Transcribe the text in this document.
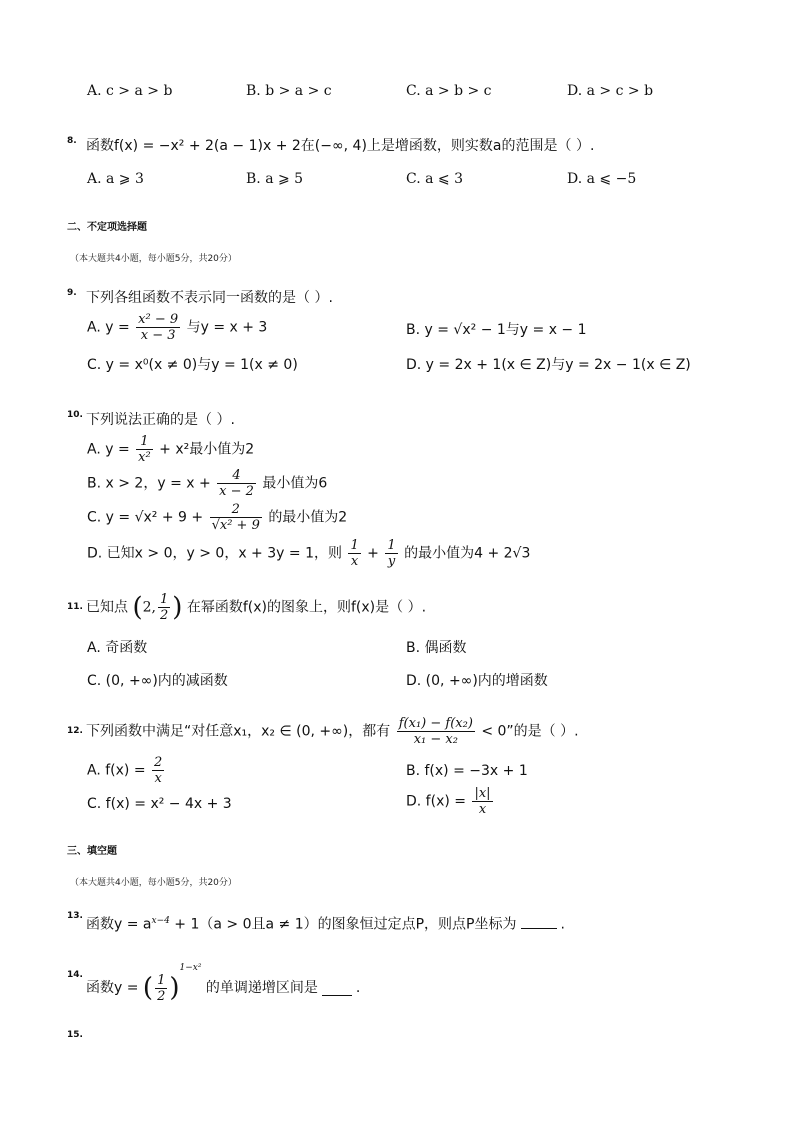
A. c > a > b	B. b > a > c	C. a > b > c	D. a > c > b
8. 函数f(x) = −x² + 2(a − 1)x + 2在(−∞, 4)上是增函数，则实数a的范围是（ ）.
A. a ⩾ 3	B. a ⩾ 5	C. a ⩽ 3	D. a ⩽ −5
二、不定项选择题
（本大题共4小题，每小题5分，共20分）
9. 下列各组函数不表示同一函数的是（ ）.
A. $y = \frac{\text{x² − 9}}{x - 3}$ 与y = x + 3	B. y = √x² − 1与y = x − 1
C. y = x⁰(x ≠ 0)与y = 1(x ≠ 0)	D. y = 2x + 1(x ∈ Z)与y = 2x − 1(x ∈ Z)
10. 下列说法正确的是（ ）.
A. $y = \frac{1}{\text{x²}} + x^2$最小值为2
B. x > 2，$y = x + \frac{4}{x - 2}$ 最小值为6
C. $y = √x^2 + 9 + \frac{2}{\text{√x² + 9}}$ 的最小值为2
D. 已知x > 0，y > 0，x + 3y = 1，则 $\frac{1}{x} + \frac{1}{y}$ 的最小值为4 + 2√3
11. 已知点 (2, $\frac{1}{2}$ ) 在幂函数f(x)的图象上，则f(x)是（ ）.
A. 奇函数	B. 偶函数
C. (0, +∞)内的减函数	D. (0, +∞)内的增函数
12. 下列函数中满足“对任意x₁，x₂ ∈ (0, +∞)，都有 $\frac{\text{f(x₁) − f(x₂)}}{\text{x₁ − x₂}} < 0$”的是（ ）.
A. $f(x) = \frac{2}{x}$	B. f(x) = −3x + 1
C. f(x) = x² − 4x + 3	D. $f(x) = \frac{|x|}{x}$
三、填空题
（本大题共4小题，每小题5分，共20分）
13.
函数$y = a^{x-4} + 1(a > 0$且a ≠ 1）的图象恒过定点P，则点P坐标为	.
14.
函数y = ( $\frac{1}{2} )^{1-x^2}$ 的单调递增区间是	.
15.
